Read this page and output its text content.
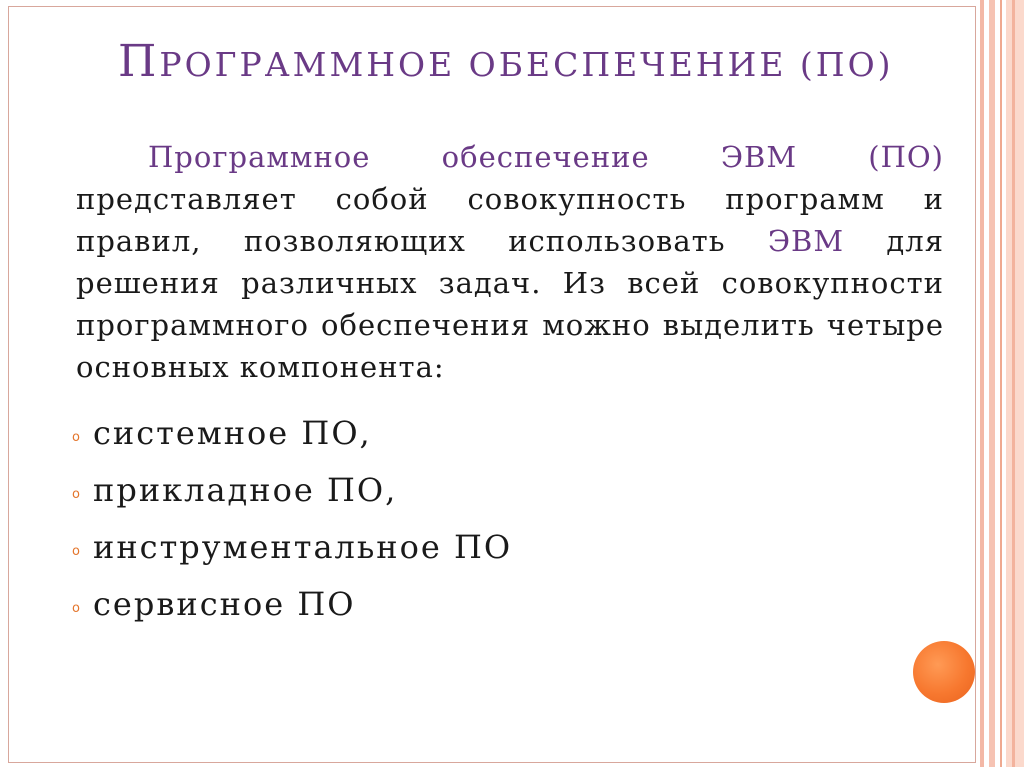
ПРОГРАММНОЕ ОБЕСПЕЧЕНИЕ (ПО)

Программное обеспечение ЭВМ (ПО) представляет собой совокупность программ и правил, позволяющих использовать ЭВМ для решения различных задач. Из всей совокупности программного обеспечения можно выделить четыре основных компонента:

o системное ПО,
o прикладное ПО,
o инструментальное ПО
o сервисное ПО
